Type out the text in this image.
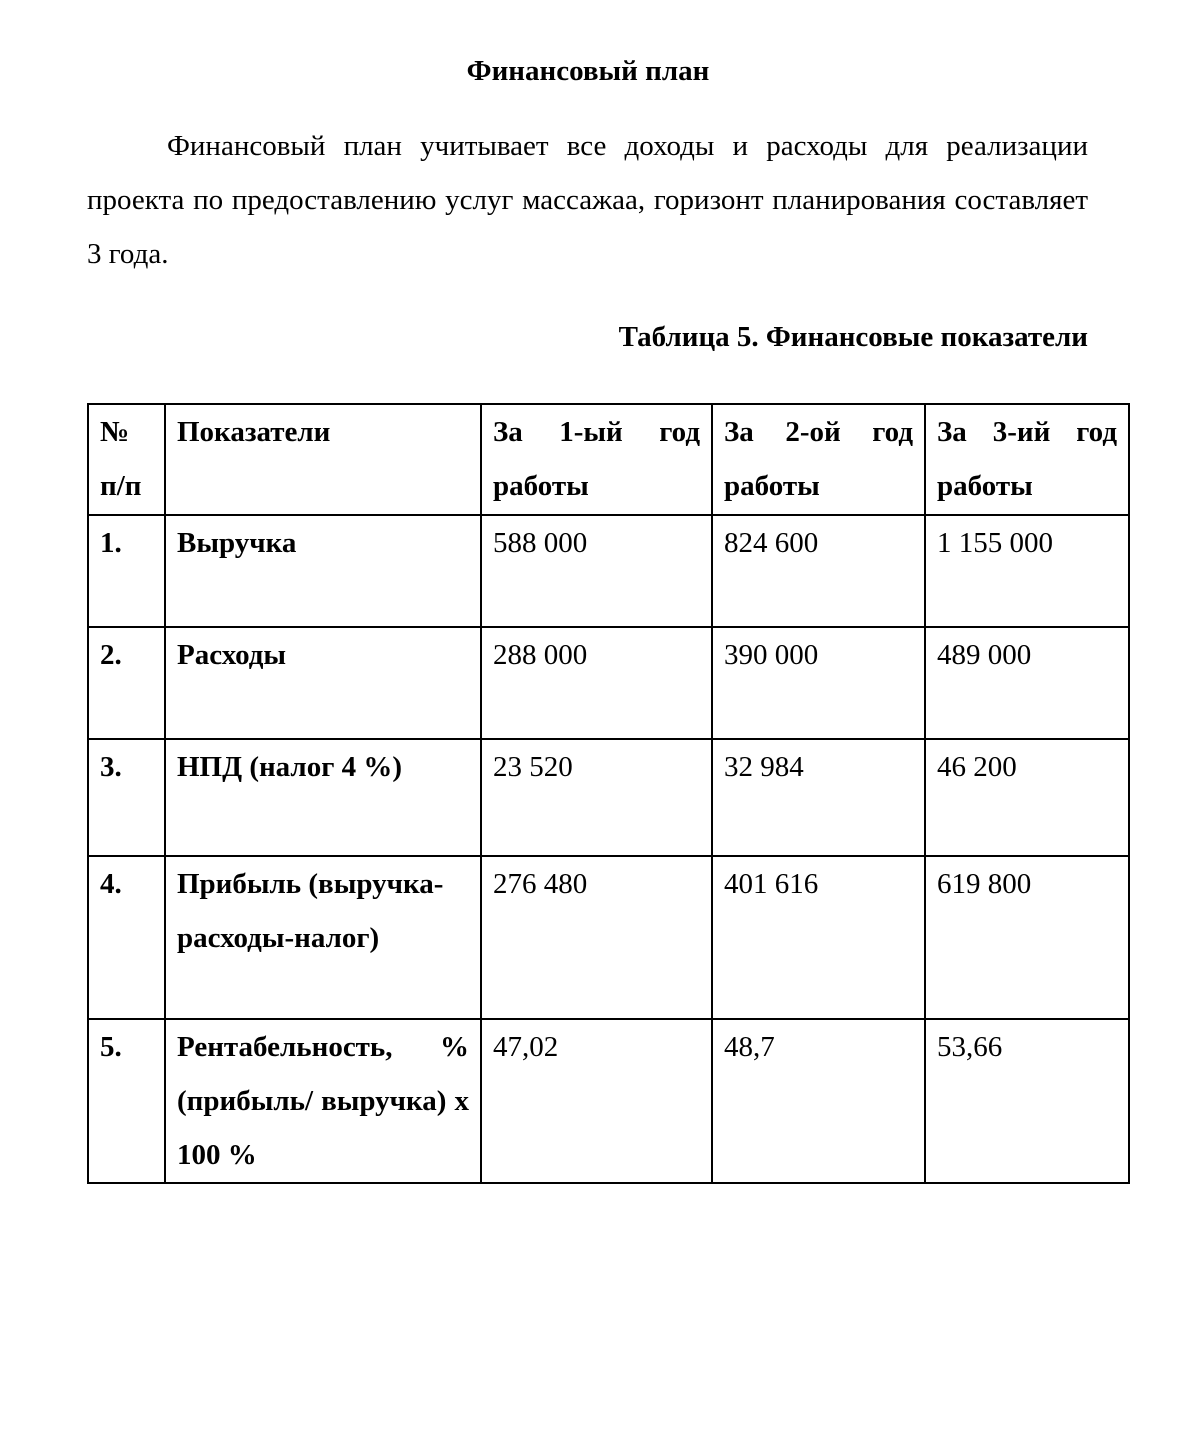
Финансовый план

Финансовый план учитывает все доходы и расходы для реализации проекта по предоставлению услуг массажаа, горизонт планирования составляет 3 года.

Таблица 5. Финансовые показатели
№ п/п	Показатели	За 1-ый год работы	За 2-ой год работы	За 3-ий год работы
1.	Выручка	588 000	824 600	1 155 000
2.	Расходы	288 000	390 000	489 000
3.	НПД (налог 4 %)	23 520	32 984	46 200
4.	Прибыль (выручка-расходы-налог)	276 480	401 616	619 800
5.	Рентабельность, % (прибыль/ выручка) х 100 %	47,02	48,7	53,66
